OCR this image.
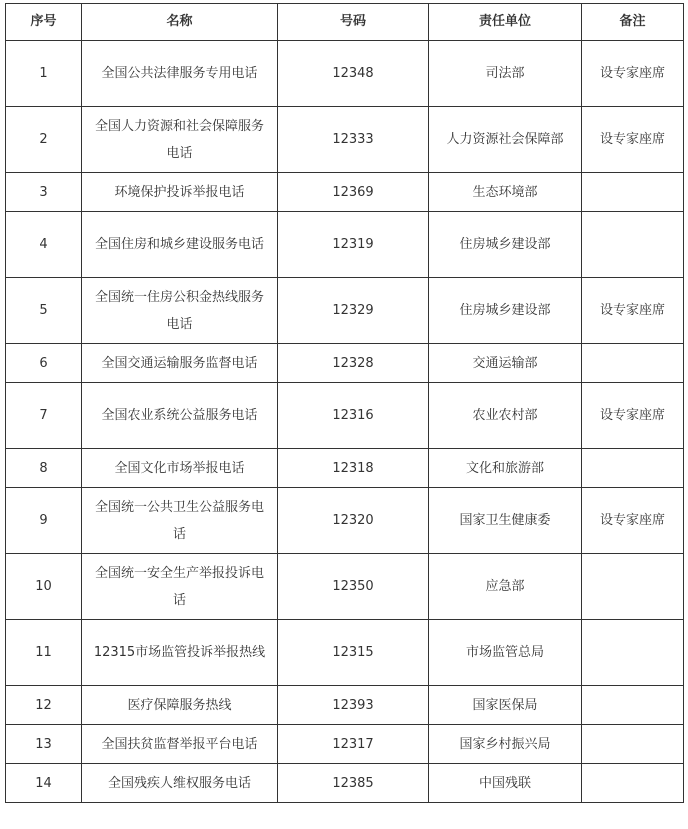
序号	名称	号码	责任单位	备注
1	全国公共法律服务专用电话	12348	司法部	设专家座席
2	全国人力资源和社会保障服务电话	12333	人力资源社会保障部	设专家座席
3	环境保护投诉举报电话	12369	生态环境部	
4	全国住房和城乡建设服务电话	12319	住房城乡建设部	
5	全国统一住房公积金热线服务电话	12329	住房城乡建设部	设专家座席
6	全国交通运输服务监督电话	12328	交通运输部	
7	全国农业系统公益服务电话	12316	农业农村部	设专家座席
8	全国文化市场举报电话	12318	文化和旅游部	
9	全国统一公共卫生公益服务电话	12320	国家卫生健康委	设专家座席
10	全国统一安全生产举报投诉电话	12350	应急部	
11	12315市场监管投诉举报热线	12315	市场监管总局	
12	医疗保障服务热线	12393	国家医保局	
13	全国扶贫监督举报平台电话	12317	国家乡村振兴局	
14	全国残疾人维权服务电话	12385	中国残联	
